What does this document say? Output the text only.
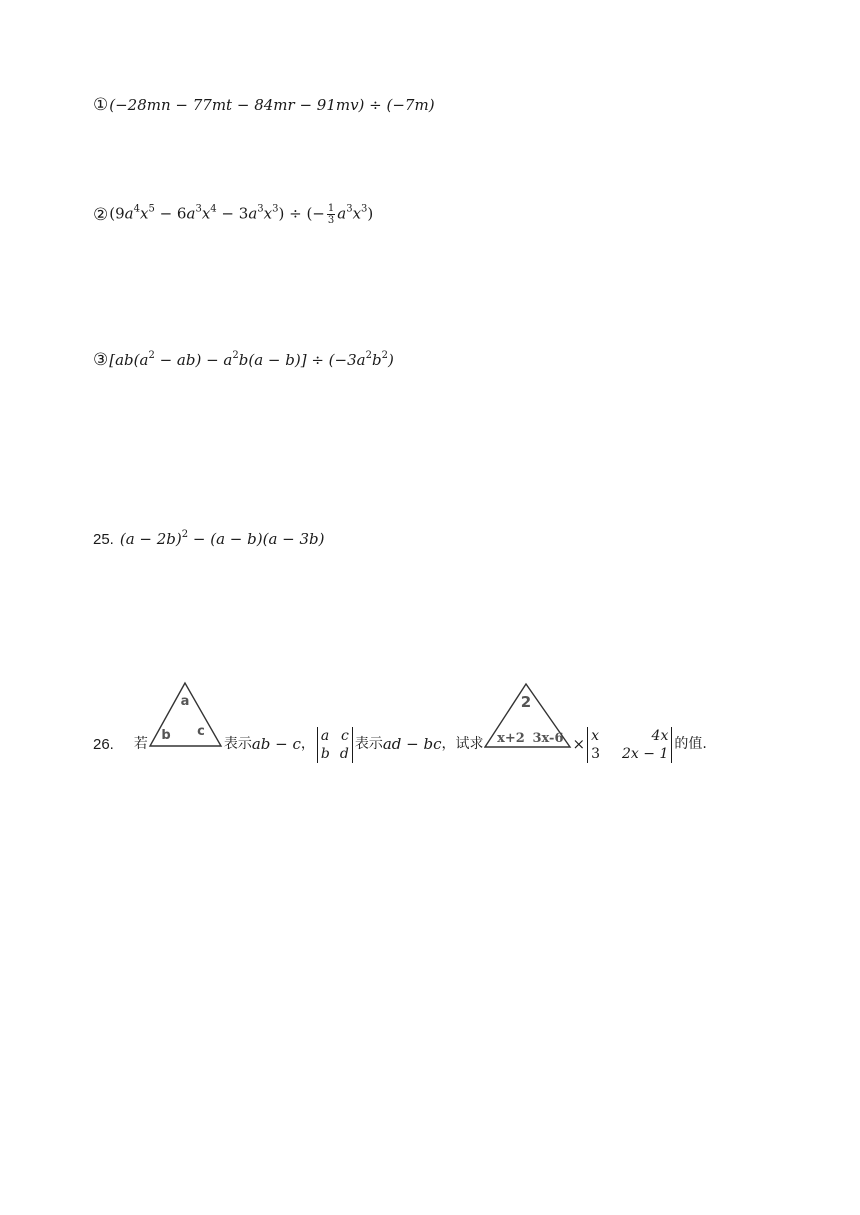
① (−28mn − 77mt − 84mr − 91mv) ÷ (−7m)
② $(9a^4x^5 - 6a^3x^4 - 3a^3x^3)$ ÷ (− $\frac{1}{3} a^3x^3$)
③ $[ab(a^2 - ab) - a^2b(a - b)] \div (-3a^2b^2)$
25. $(a - 2b)^2 - (a - b)(a - 3b)$
26. 若
a
b c
表示 ab − c ， a
b
c
d
表示 ad − bc ，试求
2
x+2 3x-6 × x
3
4x
2x − 1
的值.
